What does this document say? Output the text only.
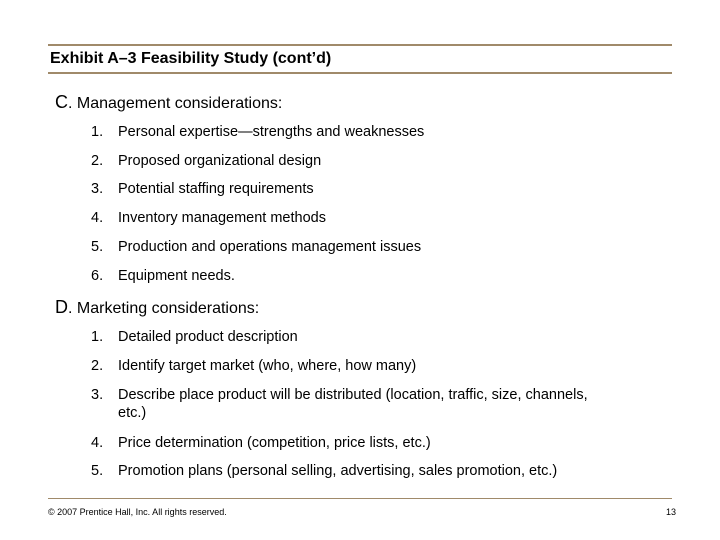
Exhibit A–3 Feasibility Study (cont’d)
C. Management considerations:
1. Personal expertise—strengths and weaknesses
2. Proposed organizational design
3. Potential staffing requirements
4. Inventory management methods
5. Production and operations management issues
6. Equipment needs.
D. Marketing considerations:
1. Detailed product description
2. Identify target market (who, where, how many)
3. Describe place product will be distributed (location, traffic, size, channels, etc.)
4. Price determination (competition, price lists, etc.)
5. Promotion plans (personal selling, advertising, sales promotion, etc.)
© 2007 Prentice Hall, Inc. All rights reserved.	13
